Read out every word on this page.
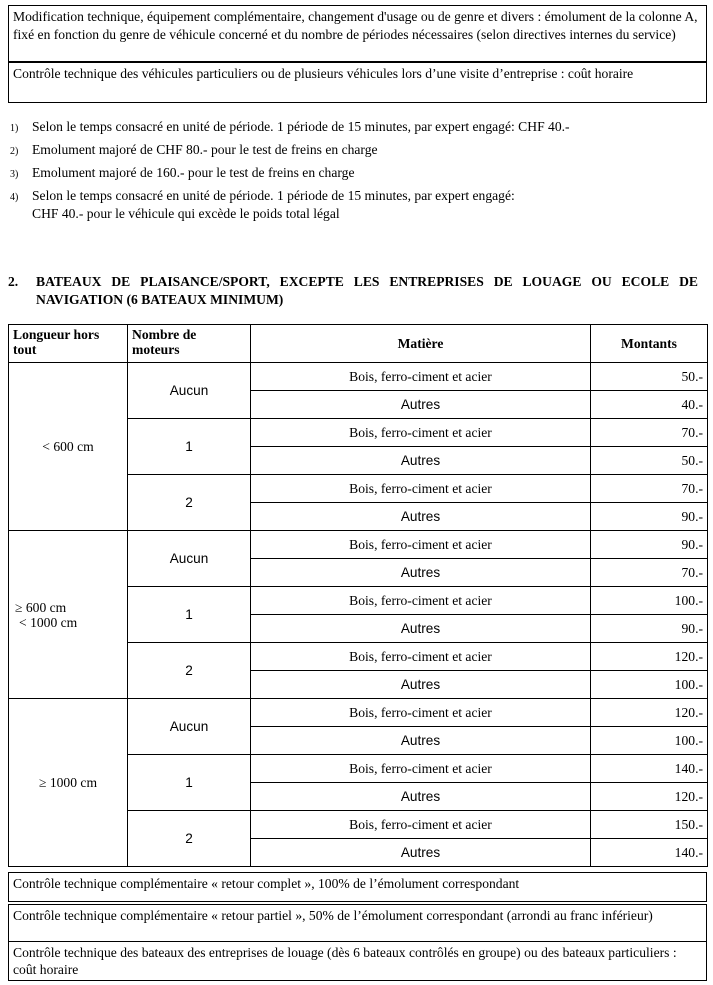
Modification technique, équipement complémentaire, changement d'usage ou de genre et divers : émolument de la colonne A, fixé en fonction du genre de véhicule concerné et du nombre de périodes nécessaires (selon directives internes du service)
Contrôle technique des véhicules particuliers ou de plusieurs véhicules lors d’une visite d’entreprise : coût horaire
1)	Selon le temps consacré en unité de période. 1 période de 15 minutes, par expert engagé: CHF 40.-
2)	Emolument majoré de CHF 80.- pour le test de freins en charge
3)	Emolument majoré de 160.- pour le test de freins en charge
4)	Selon le temps consacré en unité de période. 1 période de 15 minutes, par expert engagé:
CHF 40.- pour le véhicule qui excède le poids total légal
2.	BATEAUX DE PLAISANCE/SPORT, EXCEPTE LES ENTREPRISES DE LOUAGE OU ECOLE DE NAVIGATION (6 BATEAUX MINIMUM)
Longueur hors tout	Nombre de moteurs	Matière	Montants

< 600 cm	Aucun	Bois, ferro-ciment et acier	50.-
		Autres	40.-
	1	Bois, ferro-ciment et acier	70.-
		Autres	50.-
	2	Bois, ferro-ciment et acier	70.-
		Autres	90.-

≥ 600 cm
< 1000 cm	Aucun	Bois, ferro-ciment et acier	90.-
		Autres	70.-
	1	Bois, ferro-ciment et acier	100.-
		Autres	90.-
	2	Bois, ferro-ciment et acier	120.-
		Autres	100.-

≥ 1000 cm	Aucun	Bois, ferro-ciment et acier	120.-
		Autres	100.-
	1	Bois, ferro-ciment et acier	140.-
		Autres	120.-
	2	Bois, ferro-ciment et acier	150.-
		Autres	140.-
Contrôle technique complémentaire « retour complet », 100% de l’émolument correspondant
Contrôle technique complémentaire « retour partiel », 50% de l’émolument correspondant (arrondi au franc inférieur)
Contrôle technique des bateaux des entreprises de louage (dès 6 bateaux contrôlés en groupe) ou des bateaux particuliers : coût horaire
